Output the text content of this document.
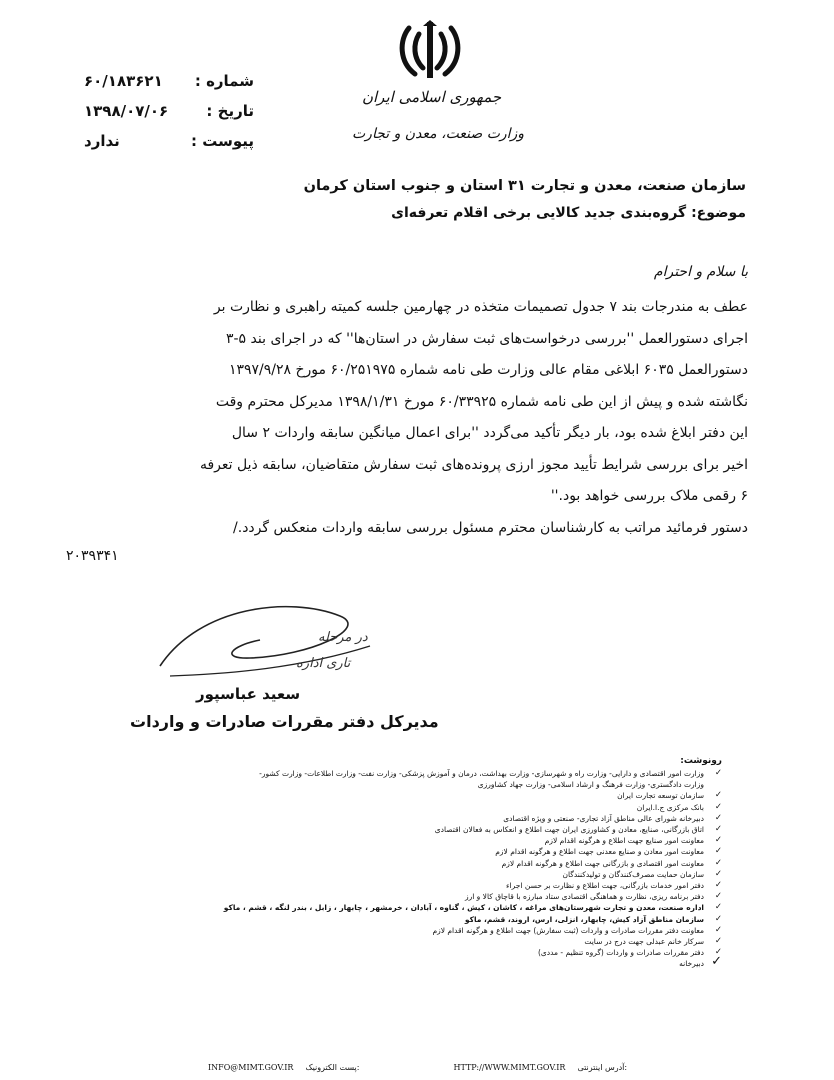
جمهوری اسلامی ایران
وزارت صنعت، معدن و تجارت
شماره :
۶۰/۱۸۳۶۲۱
تاریخ :
۱۳۹۸/۰۷/۰۶
پیوست :
ندارد
سازمان صنعت، معدن و تجارت ۳۱ استان و جنوب استان کرمان
موضوع: گروه‌بندی جدید کالایی برخی اقلام تعرفه‌ای
با سلام و احترام

عطف به مندرجات بند ۷ جدول تصمیمات متخذه در چهارمین جلسه کمیته راهبری و نظارت بر

اجرای دستورالعمل ''بررسی درخواست‌های ثبت سفارش در استان‌ها'' که در اجرای بند ۵-۳

دستورالعمل ۶۰۳۵ ابلاغی مقام عالی وزارت طی نامه شماره ۶۰/۲۵۱۹۷۵ مورخ ۱۳۹۷/۹/۲۸

نگاشته شده و پیش از این طی نامه شماره ۶۰/۳۳۹۲۵ مورخ ۱۳۹۸/۱/۳۱ مدیرکل محترم وقت

این دفتر ابلاغ شده بود، بار دیگر تأکید می‌گردد ''برای اعمال میانگین سابقه واردات ۲ سال

اخیر برای بررسی شرایط تأیید مجوز ارزی پرونده‌های ثبت سفارش متقاضیان، سابقه ذیل تعرفه

۶ رقمی ملاک بررسی خواهد بود.''

دستور فرمائید مراتب به کارشناسان محترم مسئول بررسی سابقه واردات منعکس گردد./
۲۰۳۹۳۴۱
در مرحله
تاری اداره
سعید عباسپور
مدیرکل دفتر مقررات صادرات و واردات
رونوشت:
✓
وزارت امور اقتصادی و دارایی- وزارت راه و شهرسازی- وزارت بهداشت، درمان و آموزش پزشکی- وزارت نفت- وزارت اطلاعات- وزارت کشور-
وزارت دادگستری- وزارت فرهنگ و ارشاد اسلامی- وزارت جهاد کشاورزی
✓
سازمان توسعه تجارت ایران
✓
بانک مرکزی ج.ا.ایران
✓
دبیرخانه شورای عالی مناطق آزاد تجاری- صنعتی و ویژه اقتصادی
✓
اتاق بازرگانی، صنایع، معادن و کشاورزی ایران جهت اطلاع و انعکاس به فعالان اقتصادی
✓
معاونت امور صنایع جهت اطلاع و هرگونه اقدام لازم
✓
معاونت امور معادن و صنایع معدنی جهت اطلاع و هرگونه اقدام لازم
✓
معاونت امور اقتصادی و بازرگانی جهت اطلاع و هرگونه اقدام لازم
✓
سازمان حمایت مصرف‌کنندگان و تولیدکنندگان
✓
دفتر امور خدمات بازرگانی، جهت اطلاع و نظارت بر حسن اجراء
✓
دفتر برنامه ریزی، نظارت و هماهنگی اقتصادی ستاد مبارزه با قاچاق کالا و ارز
✓
اداره صنعت، معدن و تجارت شهرستان‌های مراغه ، کاشان ، کیش ، گناوه ، آبادان ، خرمشهر ، چابهار ، زابل ، بندر لنگه ، قشم ، ماکو
✓
سازمان مناطق آزاد کیش، چابهار، انزلی، ارس، اروند، قشم، ماکو
✓
معاونت دفتر مقررات صادرات و واردات (ثبت سفارش) جهت اطلاع و هرگونه اقدام لازم
✓
سرکار خانم عبدلی جهت درج در سایت
✓
دفتر مقررات صادرات و واردات (گروه تنظیم - مددی)
✓
دبیرخانه
INFO@MIMT.GOV.IR پست الکترونیک:	HTTP://WWW.MIMT.GOV.IR آدرس اینترنتی:
